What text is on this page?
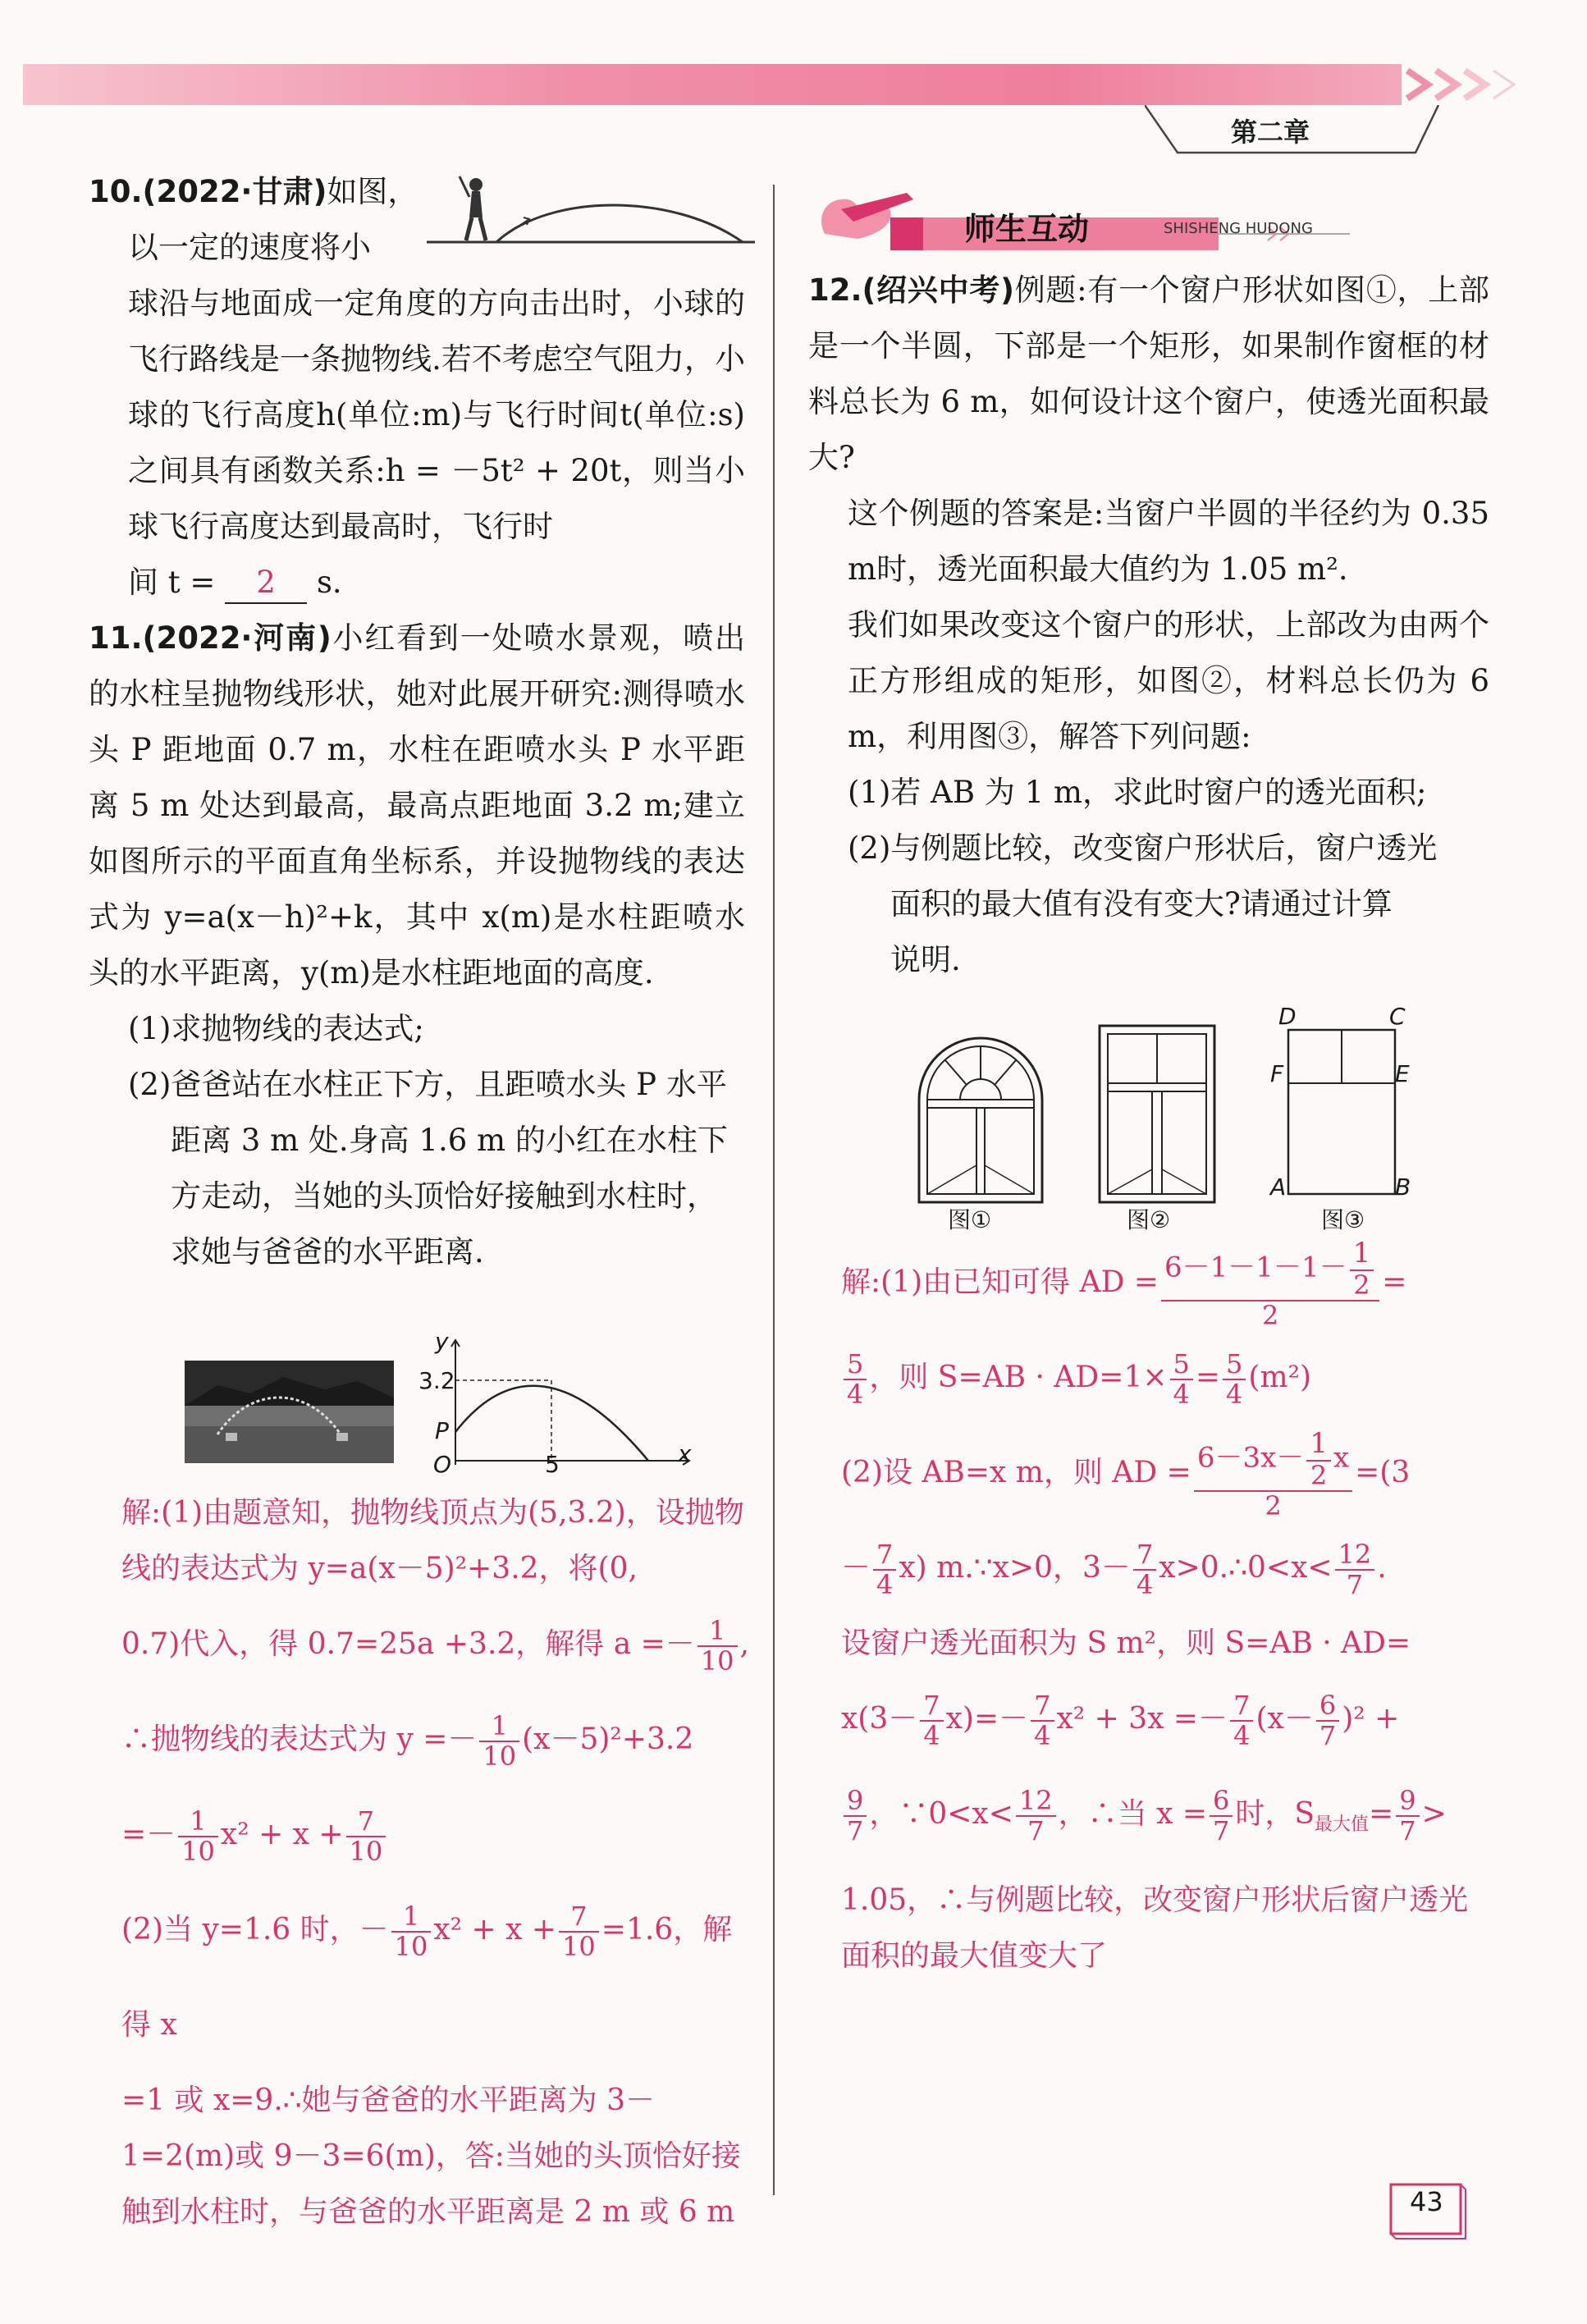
第二章
师生互动	SHISHENG HUDONG

10.(2022·甘肃)如图，

以一定的速度将小

球沿与地面成一定角度的方向击出时，小球的飞行路线是一条抛物线.若不考虑空气阻力，小球的飞行高度h(单位:m)与飞行时间t(单位:s)之间具有函数关系:h = －5t² + 20t，则当小球飞行高度达到最高时，飞行时

间 t = 2 s.

11.(2022·河南)小红看到一处喷水景观，喷出的水柱呈抛物线形状，她对此展开研究:测得喷水头 P 距地面 0.7 m，水柱在距喷水头 P 水平距离 5 m 处达到最高，最高点距地面 3.2 m;建立如图所示的平面直角坐标系，并设抛物线的表达式为 y=a(x－h)²+k，其中 x(m)是水柱距喷水头的水平距离，y(m)是水柱距地面的高度.

(1)求抛物线的表达式;

(2)爸爸站在水柱正下方，且距喷水头 P 水平

距离 3 m 处.身高 1.6 m 的小红在水柱下

方走动，当她的头顶恰好接触到水柱时，

求她与爸爸的水平距离.

y
x
O
P
3.2
5

解:(1)由题意知，抛物线顶点为(5,3.2)，设抛物线的表达式为 y=a(x－5)²+3.2，将(0,

0.7)代入，得 0.7=25a +3.2，解得 $a =- \frac{1}{10}$ ,

∴抛物线的表达式为 $y =- \frac{1}{10} (x-5)^2+3.2$

=－ $\frac{1}{10} x^2 + x + \frac{7}{10}$

(2)当 y=1.6 时，－ $\frac{1}{10} x^2 + x + \frac{7}{10} =1.6$，解得 x

=1 或 x=9.∴她与爸爸的水平距离为 3－1=2(m)或 9－3=6(m)，答:当她的头顶恰好接触到水柱时，与爸爸的水平距离是 2 m 或 6 m

12.(绍兴中考)例题:有一个窗户形状如图①，上部是一个半圆，下部是一个矩形，如果制作窗框的材料总长为 6 m，如何设计这个窗户，使透光面积最大?

这个例题的答案是:当窗户半圆的半径约为 0.35 m时，透光面积最大值约为 1.05 m².

我们如果改变这个窗户的形状，上部改为由两个正方形组成的矩形，如图②，材料总长仍为 6 m，利用图③，解答下列问题:

(1)若 AB 为 1 m，求此时窗户的透光面积;

(2)与例题比较，改变窗户形状后，窗户透光

面积的最大值有没有变大?请通过计算

说明.

D	C
F	E
A	B
图①	图②	图③

解:(1)由已知可得 AD = $\frac{6-1-1-1- \frac{1}{2}}{2}$ =

$\frac{5}{4}$ ，则 $S=AB \cdot AD=1\times \frac{5}{4} = \frac{5}{4} (m^2)$

(2)设 AB=x m，则 AD = $\frac{6-3x- \frac{1}{2} x}{2} =(3$

－ $\frac{7}{4} x$) m.∵x>0，$3- \frac{7}{4}$ x>0.∴0<x< $\frac{12}{7}$ .

设窗户透光面积为 S m²，则 S=AB · AD=

$x(3- \frac{7}{4} x)=- \frac{7}{4} x^2 + 3x =- \frac{7}{4} (x- \frac{6}{7} )^2$ +

$\frac{9}{7}$ ，∵0<x< $\frac{12}{7}$ ，∴当 $x = \frac{6}{7}$ 时，$S_{最大值}= \frac{9}{7}$ >

1.05，∴与例题比较，改变窗户形状后窗户透光面积的最大值变大了

43
